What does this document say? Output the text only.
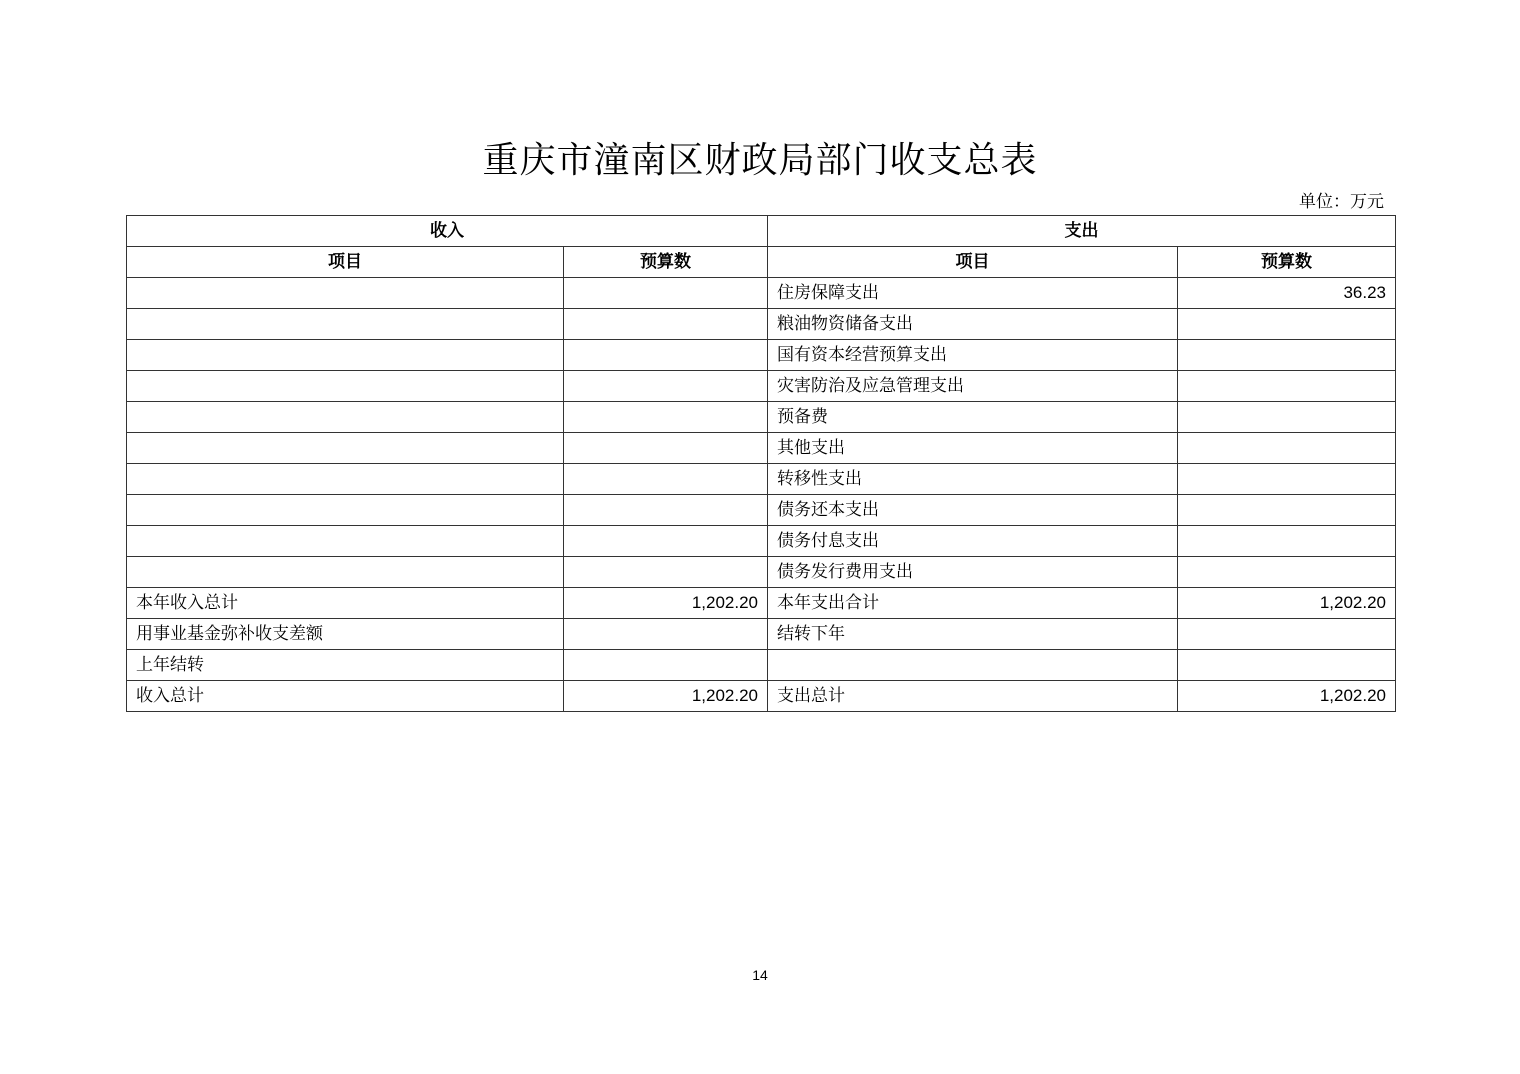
重庆市潼南区财政局部门收支总表
单位：万元
收入		支出	
项目	预算数	项目	预算数
		住房保障支出	36.23
		粮油物资储备支出	
		国有资本经营预算支出	
		灾害防治及应急管理支出	
		预备费	
		其他支出	
		转移性支出	
		债务还本支出	
		债务付息支出	
		债务发行费用支出	
本年收入总计	1,202.20	本年支出合计	1,202.20
用事业基金弥补收支差额		结转下年	
上年结转			
收入总计	1,202.20	支出总计	1,202.20
14
